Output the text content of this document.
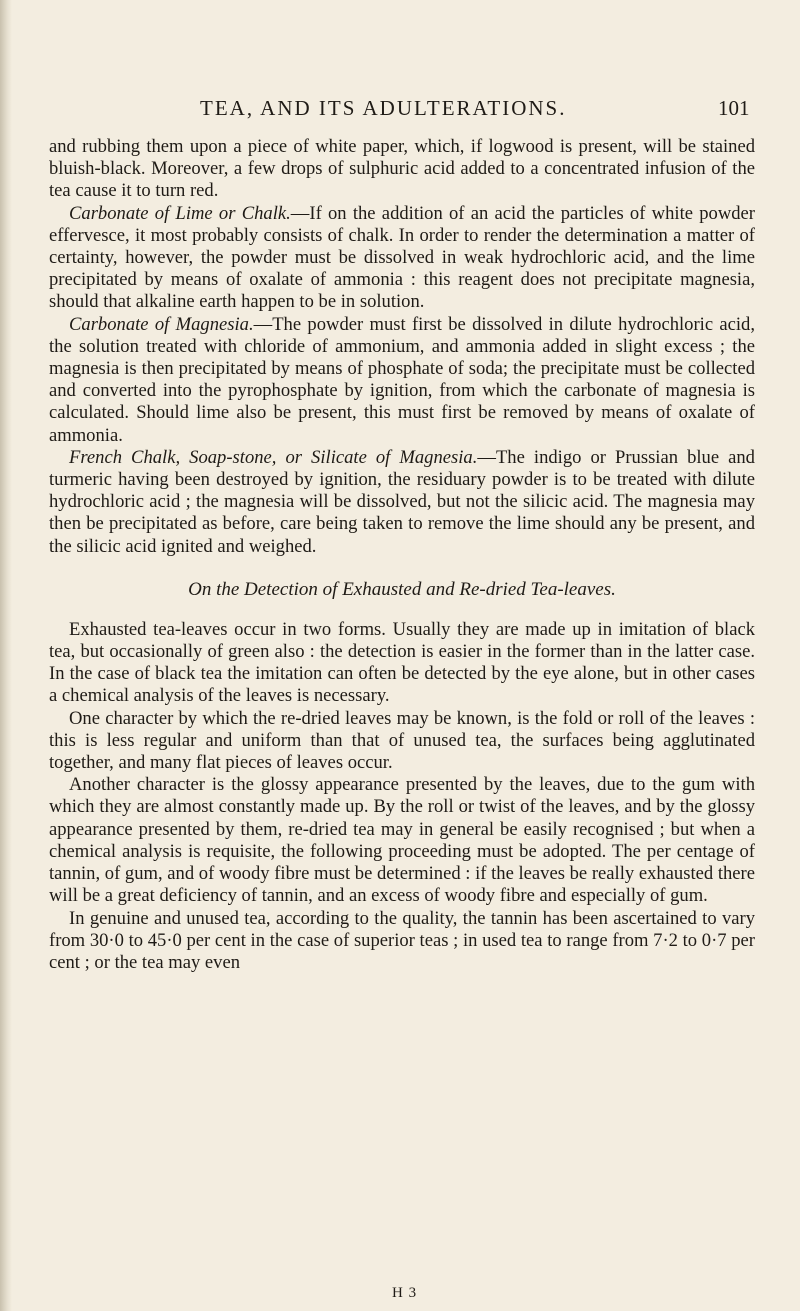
TEA, AND ITS ADULTERATIONS.	101

and rubbing them upon a piece of white paper, which, if logwood is present, will be stained bluish-black. Moreover, a few drops of sulphuric acid added to a concentrated infusion of the tea cause it to turn red.

Carbonate of Lime or Chalk.—If on the addition of an acid the particles of white powder effervesce, it most probably consists of chalk. In order to render the determination a matter of certainty, however, the powder must be dissolved in weak hydrochloric acid, and the lime precipitated by means of oxalate of ammonia : this reagent does not precipitate magnesia, should that alkaline earth happen to be in solution.

Carbonate of Magnesia.—The powder must first be dissolved in dilute hydrochloric acid, the solution treated with chloride of ammonium, and ammonia added in slight excess ; the magnesia is then precipitated by means of phosphate of soda; the precipitate must be collected and converted into the pyrophosphate by ignition, from which the carbonate of magnesia is calculated. Should lime also be present, this must first be removed by means of oxalate of ammonia.

French Chalk, Soap-stone, or Silicate of Magnesia.—The indigo or Prussian blue and turmeric having been destroyed by ignition, the residuary powder is to be treated with dilute hydrochloric acid ; the magnesia will be dissolved, but not the silicic acid. The magnesia may then be precipitated as before, care being taken to remove the lime should any be present, and the silicic acid ignited and weighed.

On the Detection of Exhausted and Re-dried Tea-leaves.

Exhausted tea-leaves occur in two forms. Usually they are made up in imitation of black tea, but occasionally of green also : the detection is easier in the former than in the latter case. In the case of black tea the imitation can often be detected by the eye alone, but in other cases a chemical analysis of the leaves is necessary.

One character by which the re-dried leaves may be known, is the fold or roll of the leaves : this is less regular and uniform than that of unused tea, the surfaces being agglutinated together, and many flat pieces of leaves occur.

Another character is the glossy appearance presented by the leaves, due to the gum with which they are almost constantly made up. By the roll or twist of the leaves, and by the glossy appearance presented by them, re-dried tea may in general be easily recognised ; but when a chemical analysis is requisite, the following proceeding must be adopted. The per centage of tannin, of gum, and of woody fibre must be determined : if the leaves be really exhausted there will be a great deficiency of tannin, and an excess of woody fibre and especially of gum.

In genuine and unused tea, according to the quality, the tannin has been ascertained to vary from 30·0 to 45·0 per cent in the case of superior teas ; in used tea to range from 7·2 to 0·7 per cent ; or the tea may even

H 3
